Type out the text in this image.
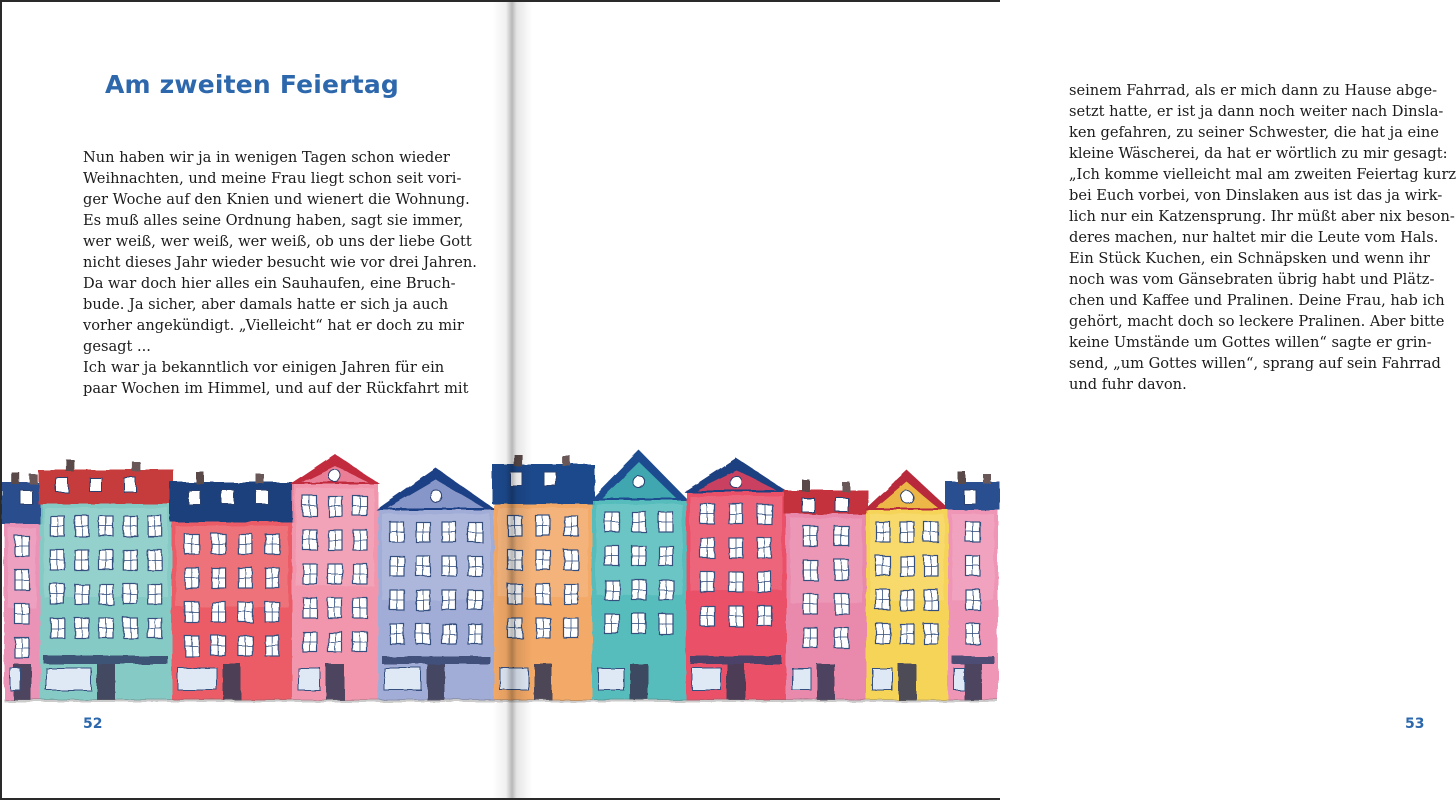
Am zweiten Feiertag
Nun haben wir ja in wenigen Tagen schon wieder
Weihnachten, und meine Frau liegt schon seit vori-
ger Woche auf den Knien und wienert die Wohnung.
Es muß alles seine Ordnung haben, sagt sie immer,
wer weiß, wer weiß, wer weiß, ob uns der liebe Gott
nicht dieses Jahr wieder besucht wie vor drei Jahren.
Da war doch hier alles ein Sauhaufen, eine Bruch-
bude. Ja sicher, aber damals hatte er sich ja auch
vorher angekündigt. „Vielleicht“ hat er doch zu mir
gesagt ...
Ich war ja bekanntlich vor einigen Jahren für ein
paar Wochen im Himmel, und auf der Rückfahrt mit
52
seinem Fahrrad, als er mich dann zu Hause abge-
setzt hatte, er ist ja dann noch weiter nach Dinsla-
ken gefahren, zu seiner Schwester, die hat ja eine
kleine Wäscherei, da hat er wörtlich zu mir gesagt:
„Ich komme vielleicht mal am zweiten Feiertag kurz
bei Euch vorbei, von Dinslaken aus ist das ja wirk-
lich nur ein Katzensprung. Ihr müßt aber nix beson-
deres machen, nur haltet mir die Leute vom Hals.
Ein Stück Kuchen, ein Schnäpsken und wenn ihr
noch was vom Gänsebraten übrig habt und Plätz-
chen und Kaffee und Pralinen. Deine Frau, hab ich
gehört, macht doch so leckere Pralinen. Aber bitte
keine Umstände um Gottes willen“ sagte er grin-
send, „um Gottes willen“, sprang auf sein Fahrrad
und fuhr davon.
53
